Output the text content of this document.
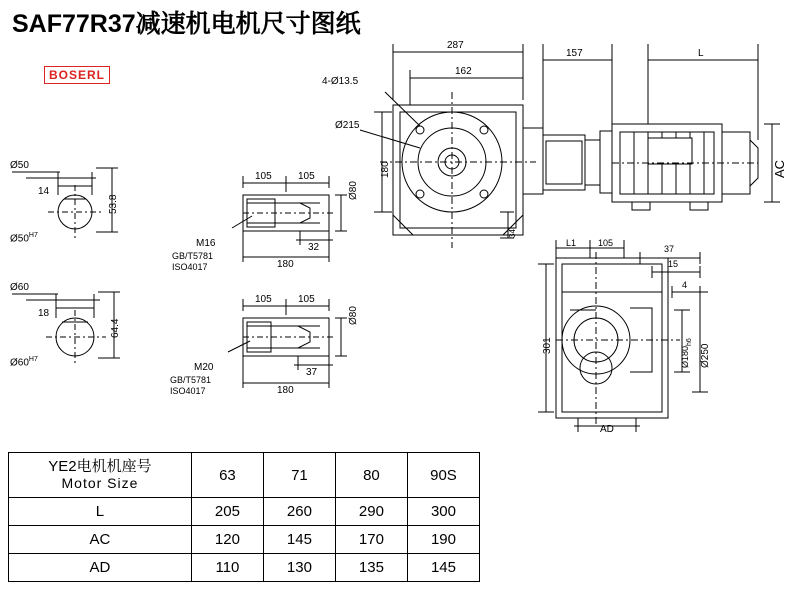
SAF77R37减速机电机尺寸图纸
BOSERL
287
162
157	L
4-Ø13.5
Ø215
180
34
AC
Ø50
14
53.8
$Ø50^{H7}$
Ø60
18
64.4
$Ø60^{H7}$
105	105
32
180
Ø80
M16
GB/T5781
ISO4017
105	105
37
180
Ø80
M20
GB/T5781
ISO4017
L1 105
37
15
4
301
$Ø180_{h6}$
Ø250
AD
YE2电机机座号
Motor Size	63	71	80	90S
L	205	260	290	300
AC	120	145	170	190
AD	110	130	135	145
